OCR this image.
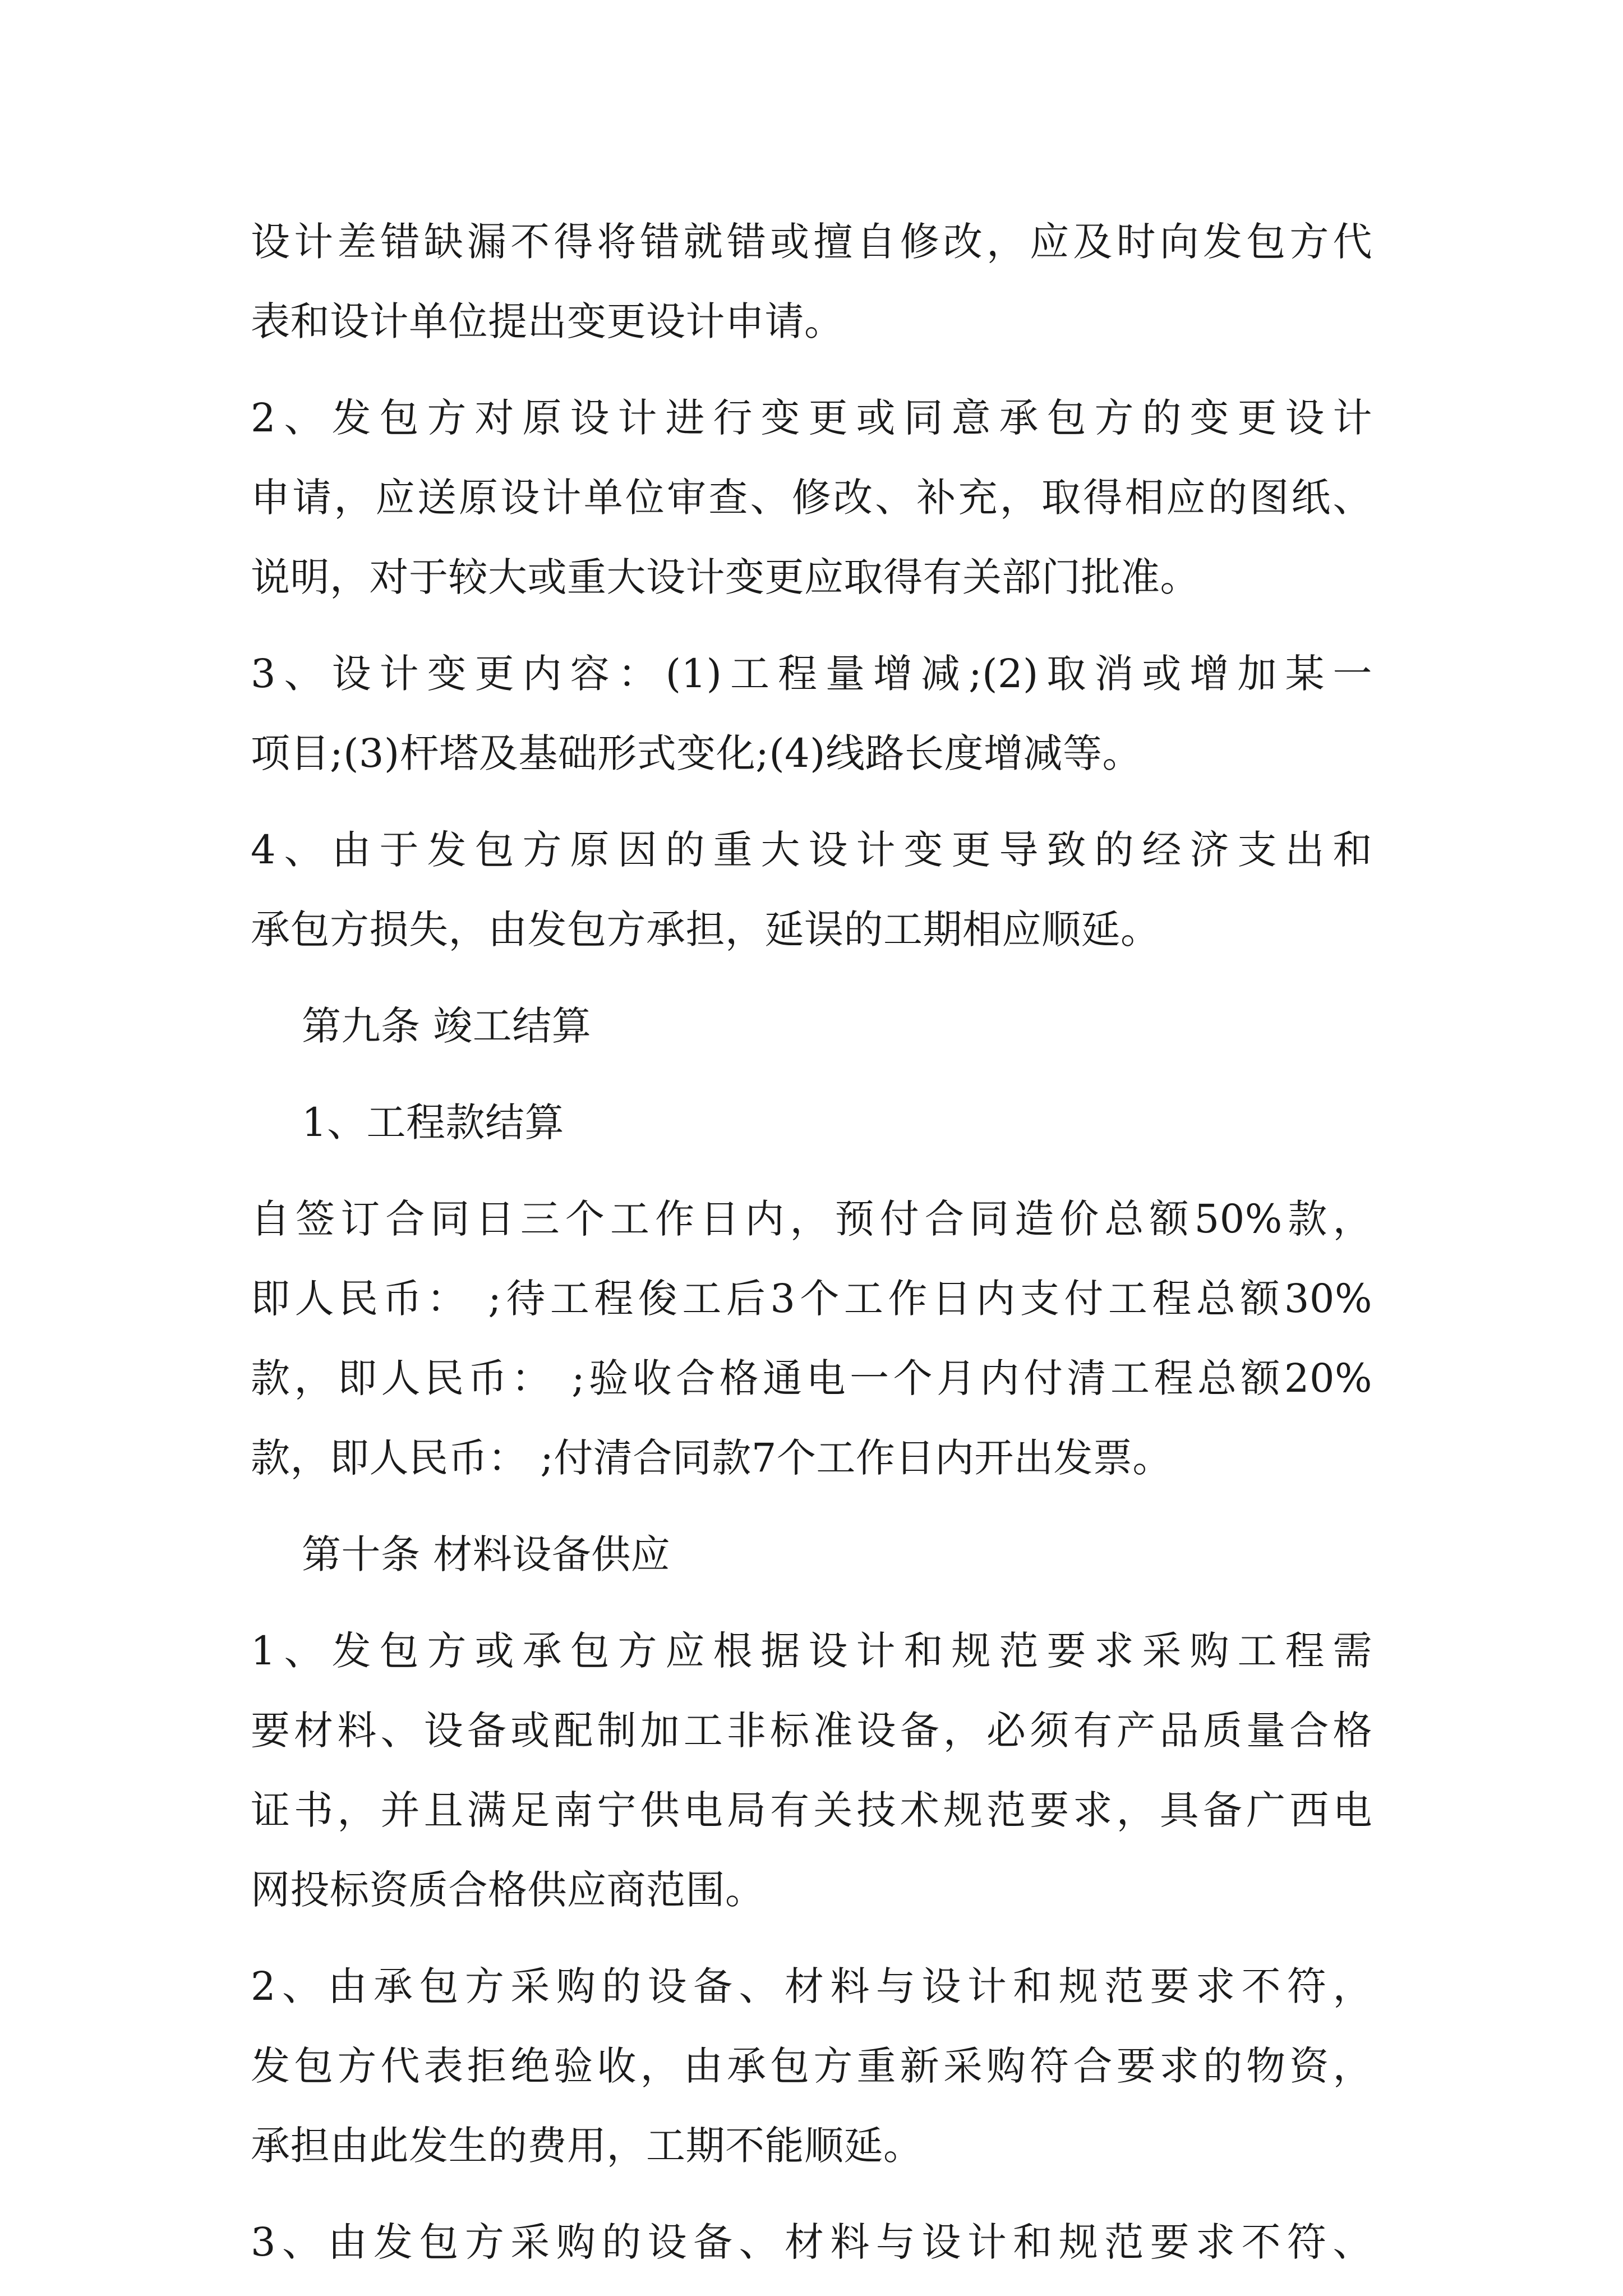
设计差错缺漏不得将错就错或擅自修改，应及时向发包方代
表和设计单位提出变更设计申请。
2、发包方对原设计进行变更或同意承包方的变更设计
申请，应送原设计单位审查、修改、补充，取得相应的图纸、
说明，对于较大或重大设计变更应取得有关部门批准。
3、设计变更内容：(1)工程量增减;(2)取消或增加某一
项目;(3)杆塔及基础形式变化;(4)线路长度增减等。
4、由于发包方原因的重大设计变更导致的经济支出和
承包方损失，由发包方承担，延误的工期相应顺延。
第九条 竣工结算
1、工程款结算
自签订合同日三个工作日内，预付合同造价总额50%款，
即人民币： ;待工程俊工后3个工作日内支付工程总额30%
款，即人民币： ;验收合格通电一个月内付清工程总额20%
款，即人民币： ;付清合同款7个工作日内开出发票。
第十条 材料设备供应
1、发包方或承包方应根据设计和规范要求采购工程需
要材料、设备或配制加工非标准设备，必须有产品质量合格
证书，并且满足南宁供电局有关技术规范要求，具备广西电
网投标资质合格供应商范围。
2、由承包方采购的设备、材料与设计和规范要求不符，
发包方代表拒绝验收，由承包方重新采购符合要求的物资，
承担由此发生的费用，工期不能顺延。
3、由发包方采购的设备、材料与设计和规范要求不符、
